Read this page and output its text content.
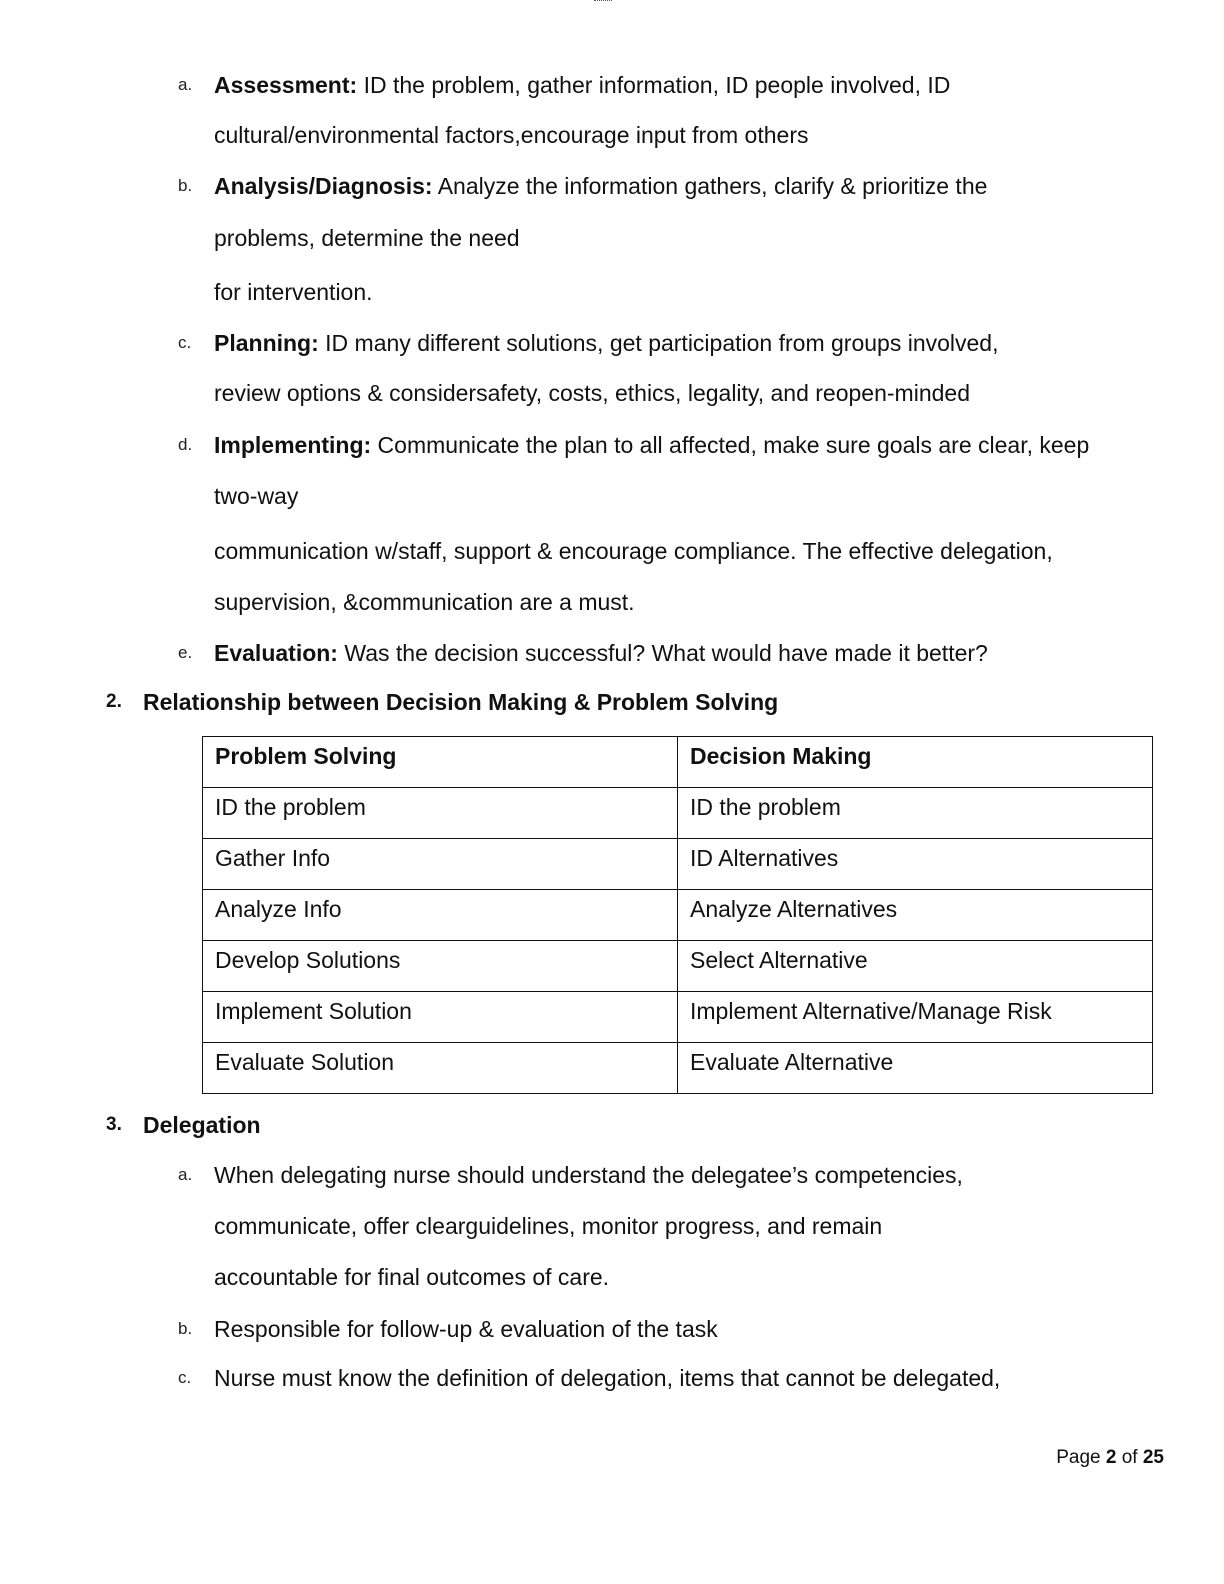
a. Assessment: ID the problem, gather information, ID people involved, ID
cultural/environmental factors,encourage input from others
b. Analysis/Diagnosis: Analyze the information gathers, clarify & prioritize the
problems, determine the need
for intervention.
c. Planning: ID many different solutions, get participation from groups involved,
review options & considersafety, costs, ethics, legality, and reopen-minded
d. Implementing: Communicate the plan to all affected, make sure goals are clear, keep
two-way
communication w/staff, support & encourage compliance. The effective delegation,
supervision, &communication are a must.
e. Evaluation: Was the decision successful? What would have made it better?
2. Relationship between Decision Making & Problem Solving
Problem Solving	Decision Making
ID the problem	ID the problem
Gather Info	ID Alternatives
Analyze Info	Analyze Alternatives
Develop Solutions	Select Alternative
Implement Solution	Implement Alternative/Manage Risk
Evaluate Solution	Evaluate Alternative
3. Delegation
a. When delegating nurse should understand the delegatee’s competencies,
communicate, offer clearguidelines, monitor progress, and remain
accountable for final outcomes of care.
b. Responsible for follow-up & evaluation of the task
c. Nurse must know the definition of delegation, items that cannot be delegated,
Page 2 of 25
